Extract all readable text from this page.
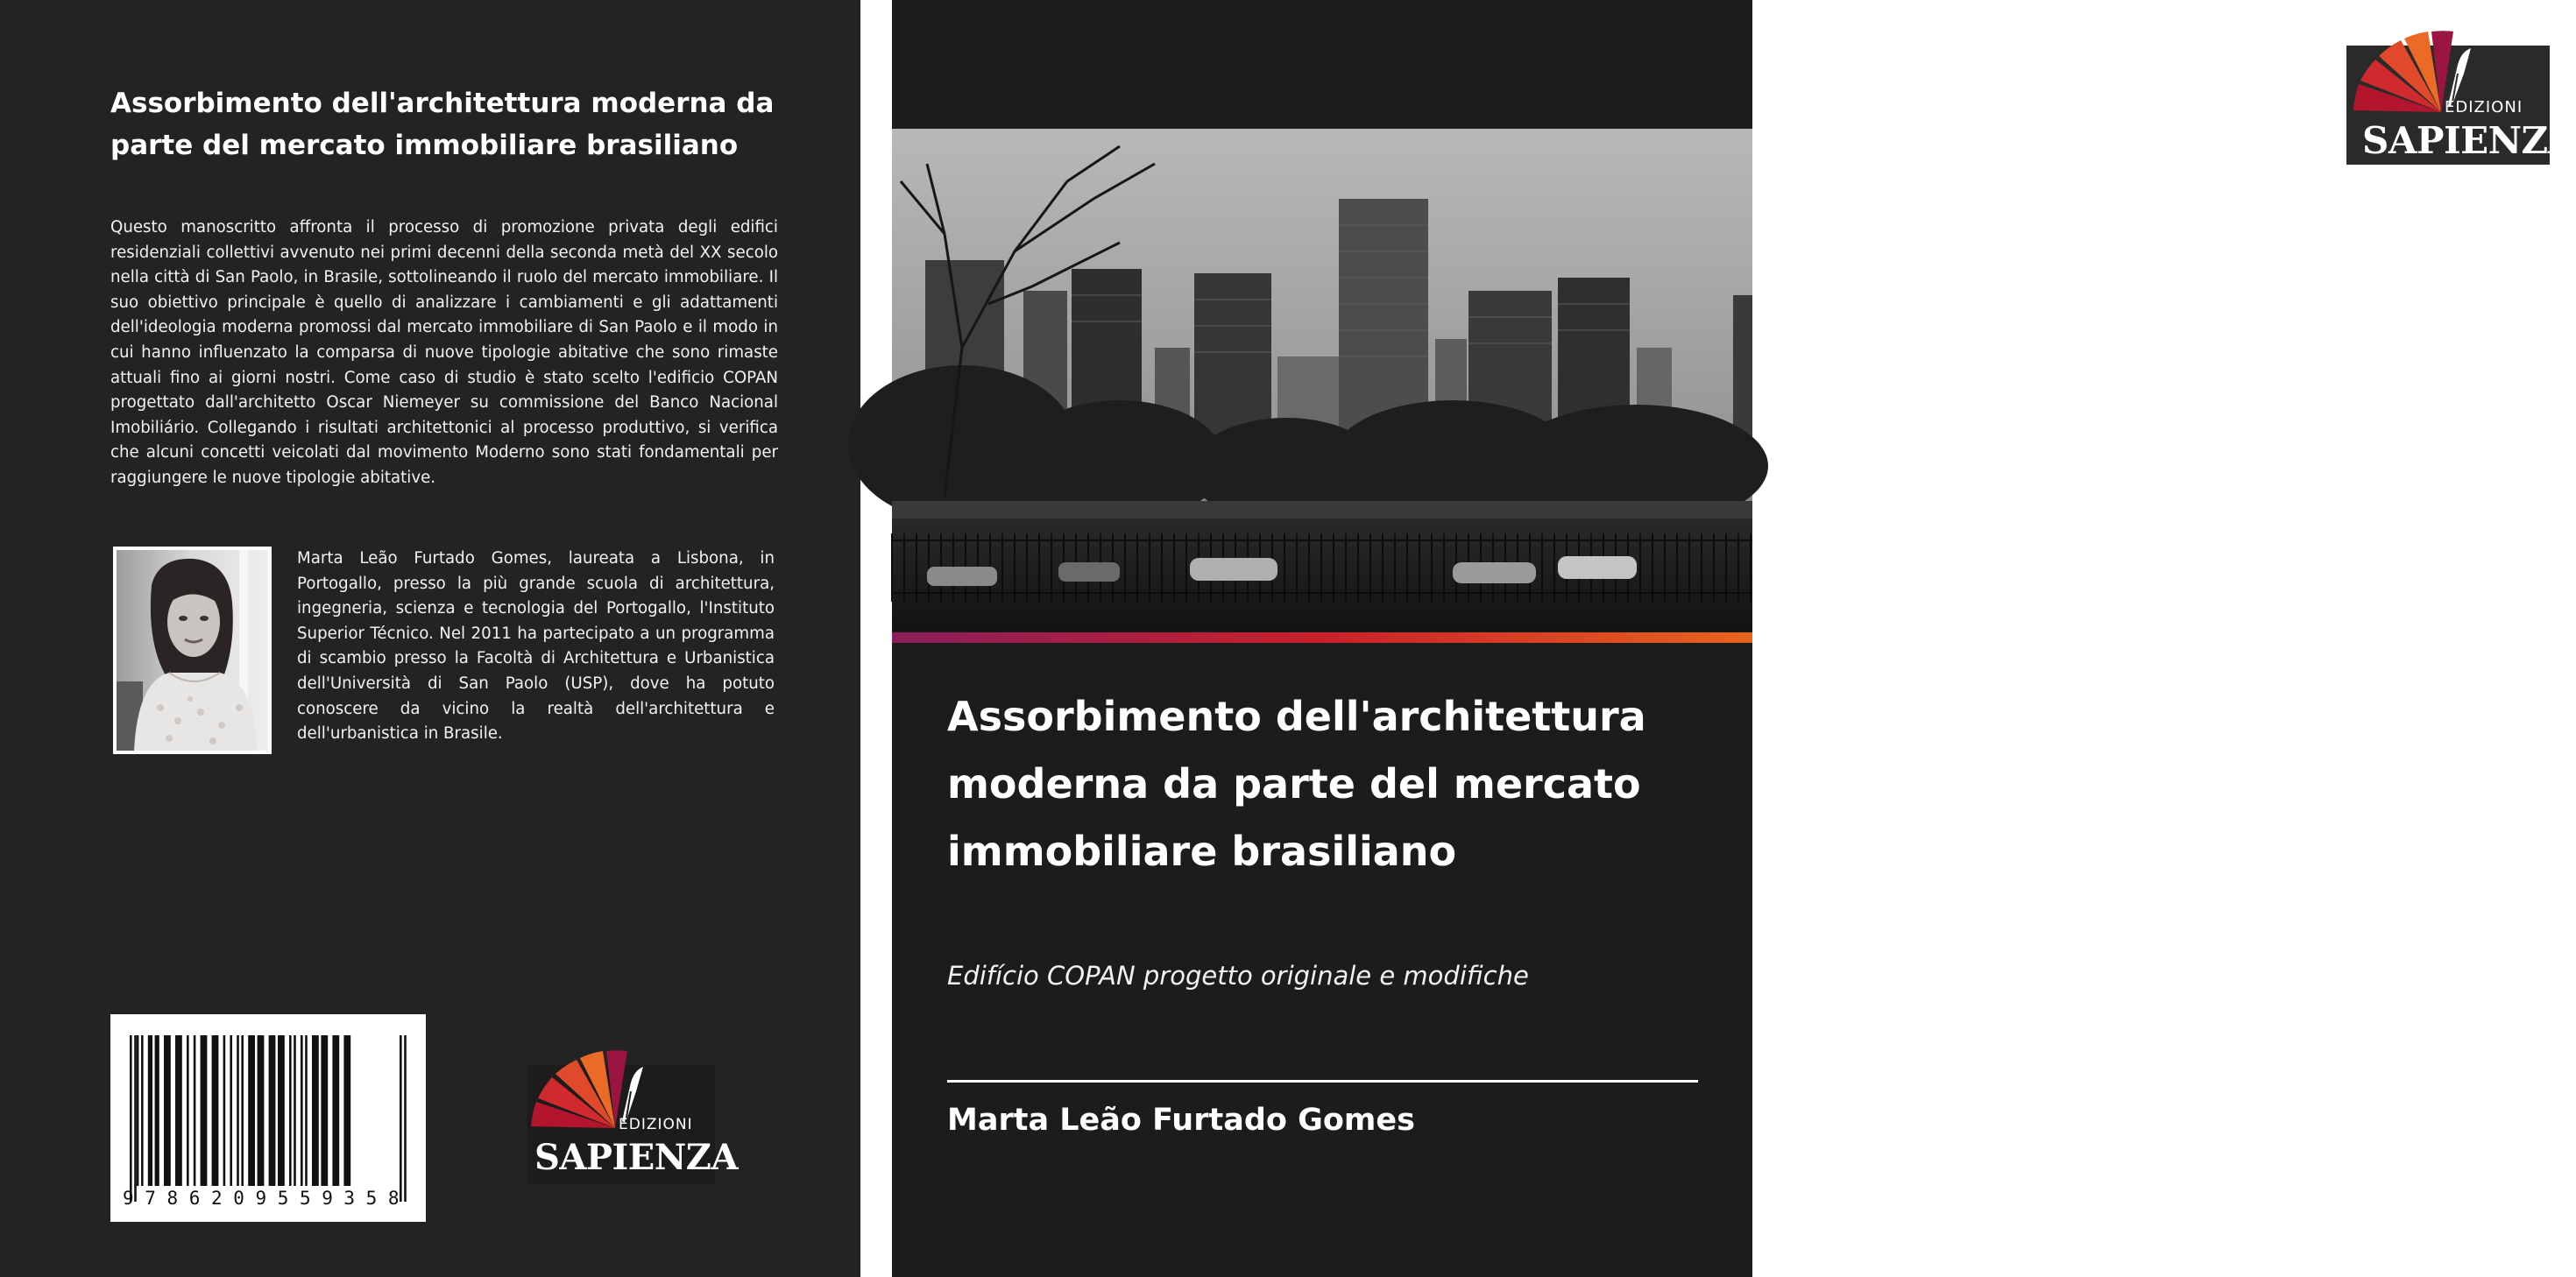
Assorbimento dell'architettura moderna da parte del mercato immobiliare brasiliano

Questo manoscritto affronta il processo di promozione privata degli edifici residenziali collettivi avvenuto nei primi decenni della seconda metà del XX secolo nella città di San Paolo, in Brasile, sottolineando il ruolo del mercato immobiliare. Il suo obiettivo principale è quello di analizzare i cambiamenti e gli adattamenti dell'ideologia moderna promossi dal mercato immobiliare di San Paolo e il modo in cui hanno influenzato la comparsa di nuove tipologie abitative che sono rimaste attuali fino ai giorni nostri. Come caso di studio è stato scelto l'edificio COPAN progettato dall'architetto Oscar Niemeyer su commissione del Banco Nacional Imobiliário. Collegando i risultati architettonici al processo produttivo, si verifica che alcuni concetti veicolati dal movimento Moderno sono stati fondamentali per raggiungere le nuove tipologie abitative.

Marta Leão Furtado Gomes, laureata a Lisbona, in Portogallo, presso la più grande scuola di architettura, ingegneria, scienza e tecnologia del Portogallo, l'Instituto Superior Técnico. Nel 2011 ha partecipato a un programma di scambio presso la Facoltà di Architettura e Urbanistica dell'Università di San Paolo (USP), dove ha potuto conoscere da vicino la realtà dell'architettura e dell'urbanistica in Brasile.

9786209559358
EDIZIONI
SAPIENZA
EDIZIONI
SAPIENZA
Assorbimento dell'architettura moderna da parte del mercato immobiliare brasiliano

Edifício COPAN progetto originale e modifiche

Marta Leão Furtado Gomes
